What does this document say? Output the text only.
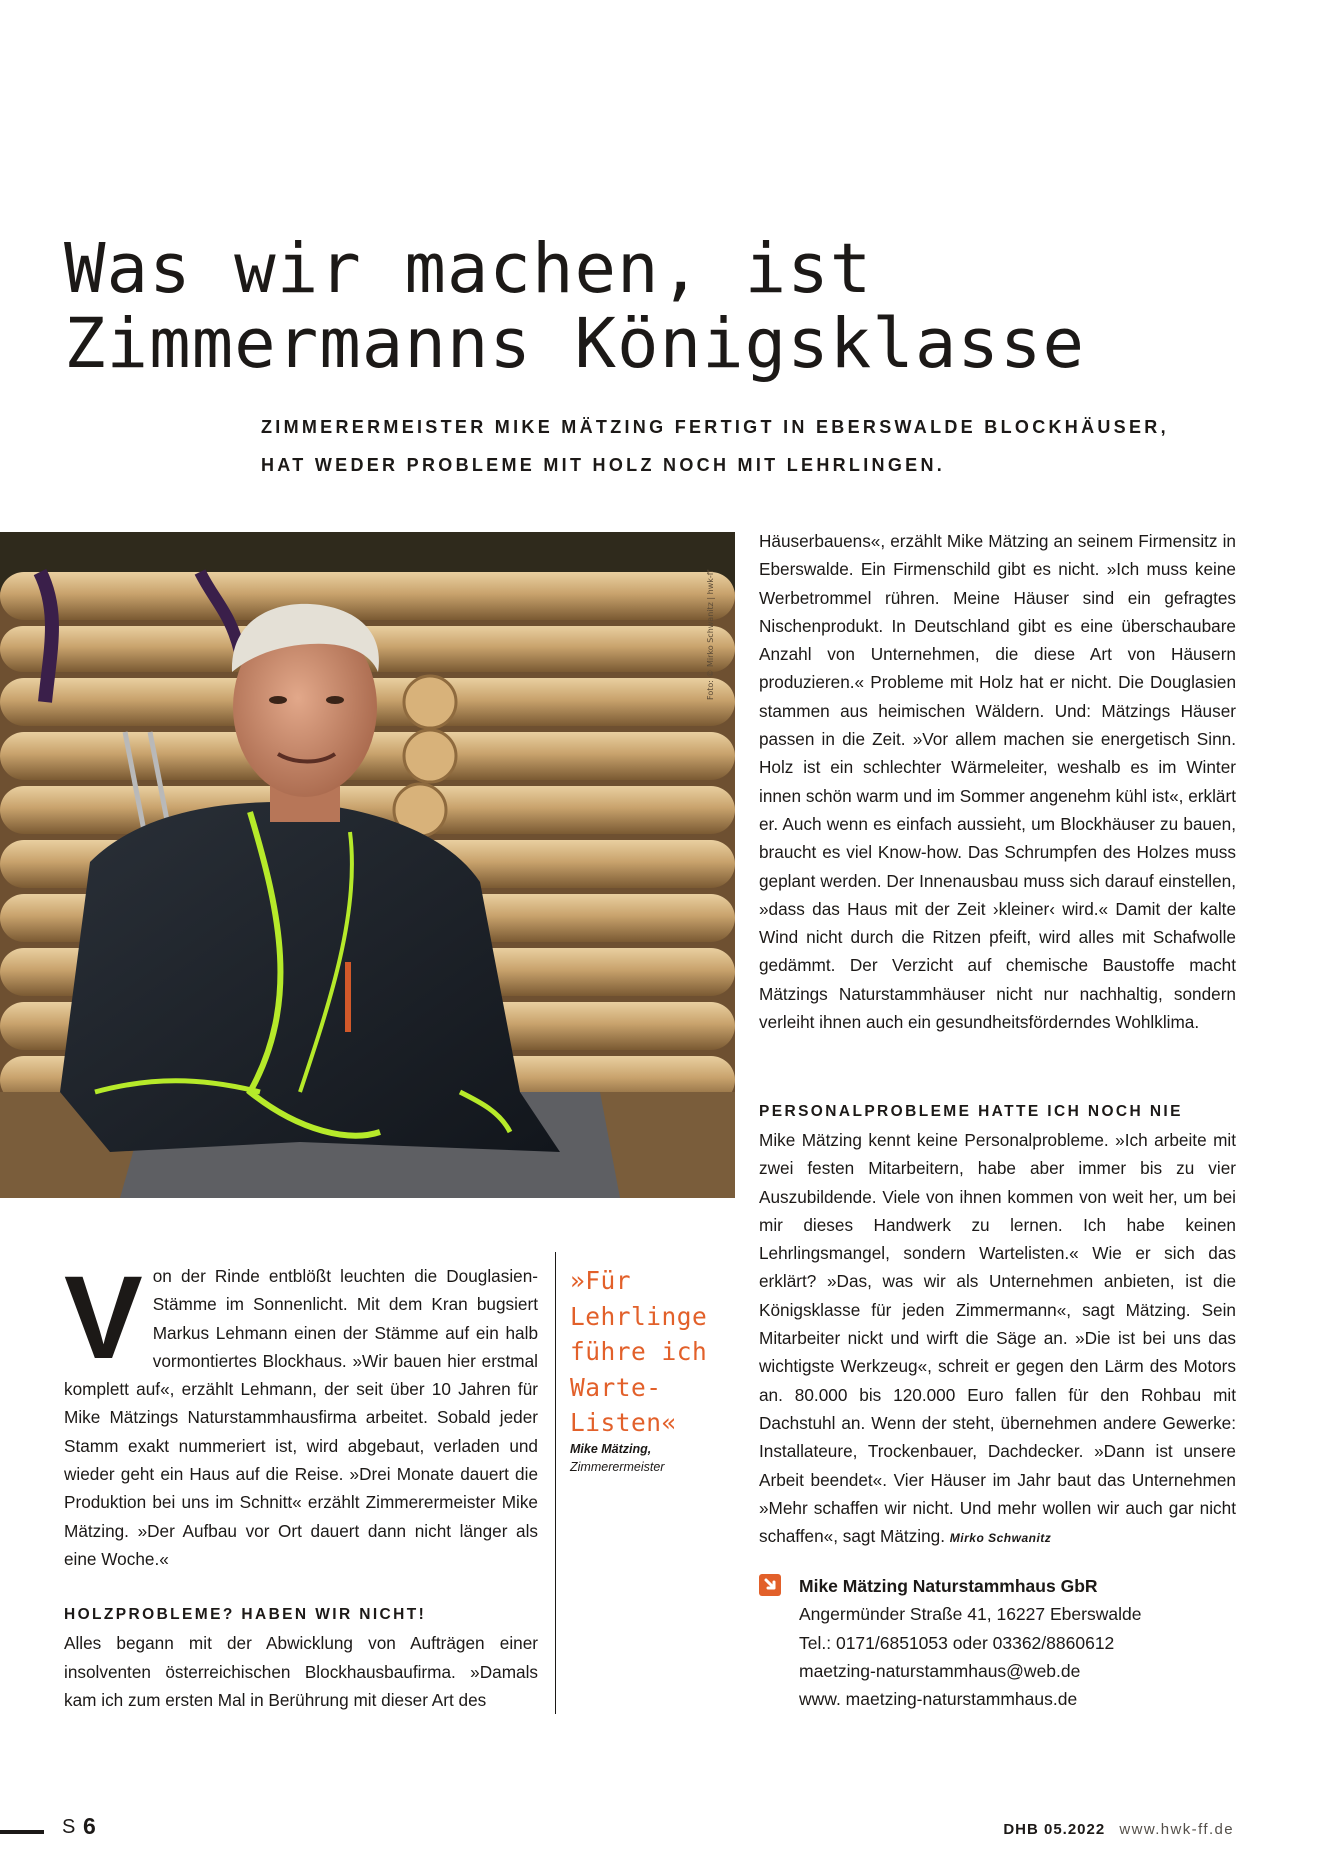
Was wir machen, ist
Zimmermanns Königsklasse
ZIMMERERMEISTER MIKE MÄTZING FERTIGT IN EBERSWALDE BLOCKHÄUSER,
HAT WEDER PROBLEME MIT HOLZ NOCH MIT LEHRLINGEN.
Foto: © Mirko Schwanitz | hwk-ff

Häuserbauens«, erzählt Mike Mätzing an seinem Firmensitz in Eberswalde. Ein Firmenschild gibt es nicht. »Ich muss keine Werbetrommel rühren. Meine Häuser sind ein gefragtes Nischenprodukt. In Deutschland gibt es eine überschaubare Anzahl von Unternehmen, die diese Art von Häusern produzieren.« Probleme mit Holz hat er nicht. Die Douglasien stammen aus heimischen Wäldern. Und: Mätzings Häuser passen in die Zeit. »Vor allem machen sie energetisch Sinn. Holz ist ein schlechter Wärmeleiter, weshalb es im Winter innen schön warm und im Sommer angenehm kühl ist«, erklärt er. Auch wenn es einfach aussieht, um Blockhäuser zu bauen, braucht es viel Know-how. Das Schrumpfen des Holzes muss geplant werden. Der Innenausbau muss sich darauf einstellen, »dass das Haus mit der Zeit ›kleiner‹ wird.« Damit der kalte Wind nicht durch die Ritzen pfeift, wird alles mit Schafwolle gedämmt. Der Verzicht auf chemische Baustoffe macht Mätzings Naturstammhäuser nicht nur nachhaltig, sondern verleiht ihnen auch ein gesundheitsförderndes Wohlklima.

PERSONALPROBLEME HATTE ICH NOCH NIE

Mike Mätzing kennt keine Personalprobleme. »Ich arbeite mit zwei festen Mitarbeitern, habe aber immer bis zu vier Auszubildende. Viele von ihnen kommen von weit her, um bei mir dieses Handwerk zu lernen. Ich habe keinen Lehrlingsmangel, sondern Wartelisten.« Wie er sich das erklärt? »Das, was wir als Unternehmen anbieten, ist die Königsklasse für jeden Zimmermann«, sagt Mätzing. Sein Mitarbeiter nickt und wirft die Säge an. »Die ist bei uns das wichtigste Werkzeug«, schreit er gegen den Lärm des Motors an. 80.000 bis 120.000 Euro fallen für den Rohbau mit Dachstuhl an. Wenn der steht, übernehmen andere Gewerke: Installateure, Trockenbauer, Dachdecker. »Dann ist unsere Arbeit beendet«. Vier Häuser im Jahr baut das Unternehmen »Mehr schaffen wir nicht. Und mehr wollen wir auch gar nicht schaffen«, sagt Mätzing. Mirko Schwanitz

V on der Rinde entblößt leuchten die Douglasien-Stämme im Sonnenlicht. Mit dem Kran bugsiert Markus Lehmann einen der Stämme auf ein halb vormontiertes Blockhaus. »Wir bauen hier erstmal komplett auf«, erzählt Lehmann, der seit über 10 Jahren für Mike Mätzings Naturstammhausfirma arbeitet. Sobald jeder Stamm exakt nummeriert ist, wird abgebaut, verladen und wieder geht ein Haus auf die Reise. »Drei Monate dauert die Produktion bei uns im Schnitt« erzählt Zimmerermeister Mike Mätzing. »Der Aufbau vor Ort dauert dann nicht länger als eine Woche.«

HOLZPROBLEME? HABEN WIR NICHT!

Alles begann mit der Abwicklung von Aufträgen einer insolventen österreichischen Blockhausbaufirma. »Damals kam ich zum ersten Mal in Berührung mit dieser Art des

»Für
Lehrlinge
führe ich
Warte-
Listen«
Mike Mätzing,
Zimmerermeister
Mike Mätzing Naturstammhaus GbR
Angermünder Straße 41, 16227 Eberswalde
Tel.: 0171/6851053 oder 03362/8860612
maetzing-naturstammhaus@web.de
www. maetzing-naturstammhaus.de
S 6	DHB 05.2022 www.hwk-ff.de
